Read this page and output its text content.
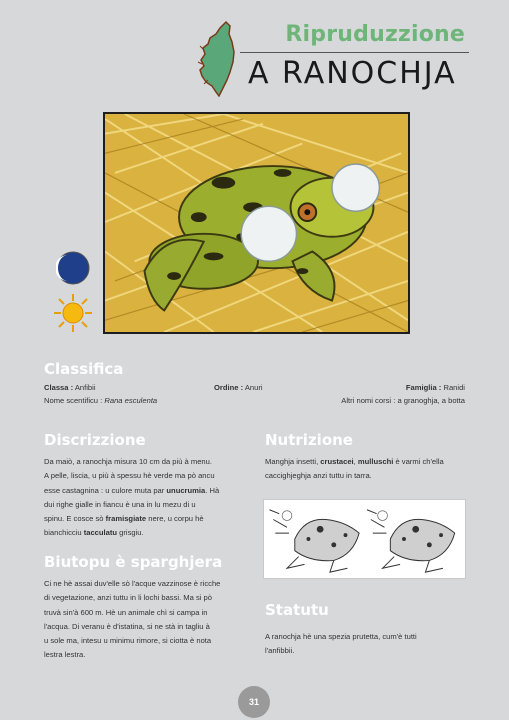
Ripruduzzione
A RANOCHJA
Classifica
Classa : Anfibii	Ordine : Anuri	Famiglia : Ranidi
Nome scentificu : Rana esculenta	Altri nomi corsi : a granoghja, a botta
Discrizzione
Da maiò, a ranochja misura 10 cm da più à menu.
A pelle, liscia, u più à spessu hè verde ma pò ancu
esse castagnina : u culore muta par unucrumia. Hà
dui righe gialle in fiancu è una in lu mezu di u
spinu. E cosce sò framisgiate nere, u corpu hè
bianchicciu tacculatu grisgiu.
Biutopu è sparghjera
Ci ne hè assai duv'elle sò l'acque vazzinose è ricche
di vegetazione, anzi tuttu in li lochi bassi. Ma si pò
truvà sin'à 600 m. Hè un animale chì si campa in
l'acqua. Di veranu è d'istatina, si ne stà in tagliu à
u sole ma, intesu u minimu rimore, si ciotta è nota
lestra lestra.
Nutrizione
Manghja insetti, crustacei, mulluschi è varmi ch'ella
caccighjeghja anzi tuttu in tarra.
Statutu
A ranochja hè una spezia prutetta, cum'è tutti
l'anfibbii.
31
